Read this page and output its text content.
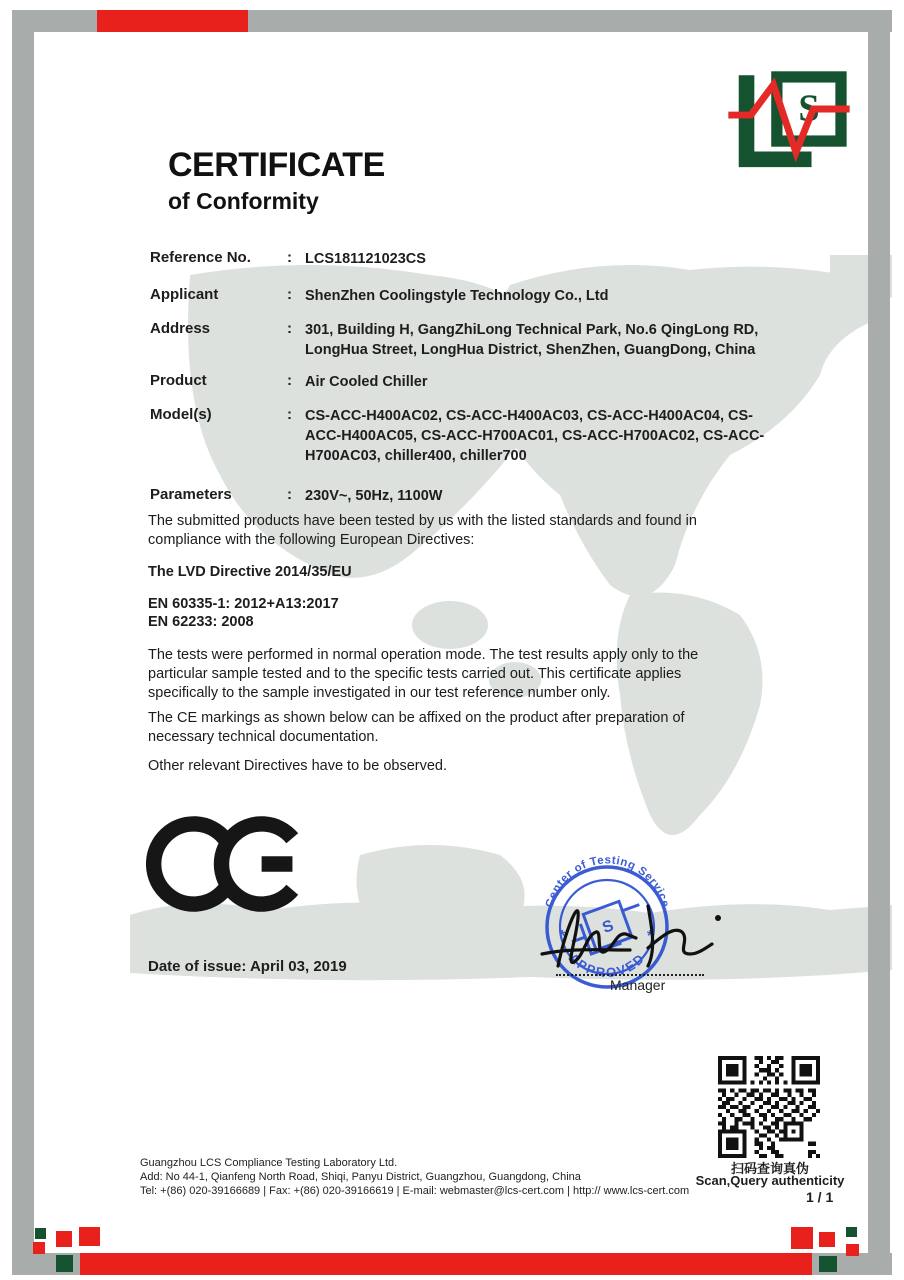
S
CERTIFICATE
of Conformity
Reference No.	: LCS181121023CS
Applicant	: ShenZhen Coolingstyle Technology Co., Ltd
Address	: 301, Building H, GangZhiLong Technical Park, No.6 QingLong RD, LongHua Street, LongHua District, ShenZhen, GuangDong, China
Product	: Air Cooled Chiller
Model(s)	: CS-ACC-H400AC02, CS-ACC-H400AC03, CS-ACC-H400AC04, CS-ACC-H400AC05, CS-ACC-H700AC01, CS-ACC-H700AC02, CS-ACC-H700AC03, chiller400, chiller700
Parameters	: 230V~, 50Hz, 1100W
The submitted products have been tested by us with the listed standards and found in compliance with the following European Directives:
The LVD Directive 2014/35/EU
EN 60335-1: 2012+A13:2017
EN 62233: 2008
The tests were performed in normal operation mode. The test results apply only to the particular sample tested and to the specific tests carried out. This certificate applies specifically to the sample investigated in our test reference number only.
The CE markings as shown below can be affixed on the product after preparation of necessary technical documentation.
Other relevant Directives have to be observed.
Date of issue: April 03, 2019
Center of Testing Service
APPROVED
*	*
S
Manager
扫码查询真伪
Scan,Query authenticity
1 / 1
Guangzhou LCS Compliance Testing Laboratory Ltd.
Add: No 44-1, Qianfeng North Road, Shiqi, Panyu District, Guangzhou, Guangdong, China
Tel: +(86) 020-39166689 | Fax: +(86) 020-39166619 | E-mail: webmaster@lcs-cert.com | http:// www.lcs-cert.com
